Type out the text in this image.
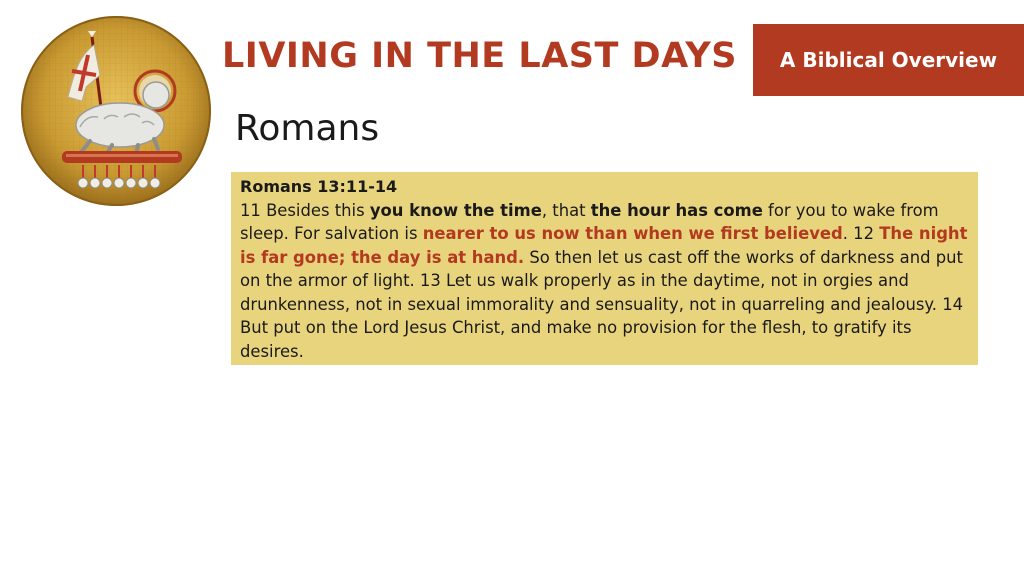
LIVING IN THE LAST DAYS A Biblical Overview
Romans
Romans 13:11-14
11 Besides this you know the time, that the hour has come for you to wake from sleep. For salvation is nearer to us now than when we first believed. 12 The night is far gone; the day is at hand. So then let us cast off the works of darkness and put on the armor of light. 13 Let us walk properly as in the daytime, not in orgies and drunkenness, not in sexual immorality and sensuality, not in quarreling and jealousy. 14 But put on the Lord Jesus Christ, and make no provision for the flesh, to gratify its desires.
